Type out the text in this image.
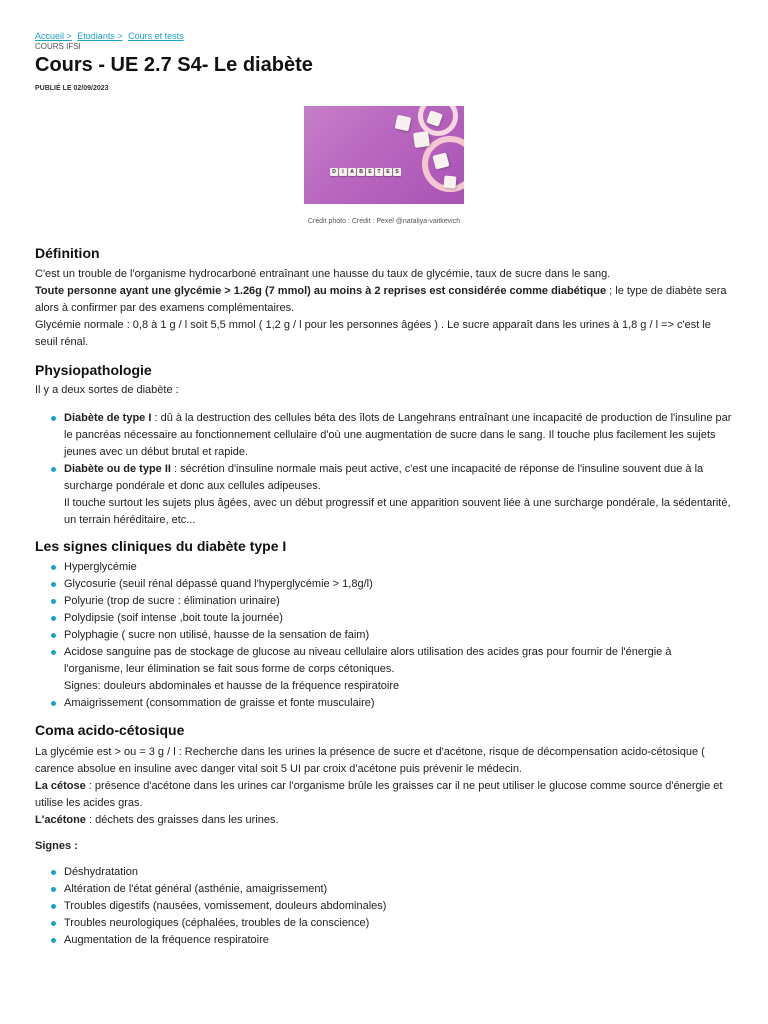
Accueil > Etudiants > Cours et tests
COURS IFSI
Cours - UE 2.7 S4- Le diabète
PUBLIÉ LE 02/09/2023
D	I	A	B	E	T	E	S
Crédit photo : Crédit : Pexel @nataliya-vaitkevich
Définition

C'est un trouble de l'organisme hydrocarboné entraînant une hausse du taux de glycémie, taux de sucre dans le sang.
Toute personne ayant une glycémie > 1.26g (7 mmol) au moins à 2 reprises est considérée comme diabétique ; le type de diabète sera alors à confirmer par des examens complémentaires.
Glycémie normale : 0,8 à 1 g / l soit 5,5 mmol ( 1,2 g / l pour les personnes âgées ) . Le sucre apparaît dans les urines à 1,8 g / l => c'est le seuil rénal.

Physiopathologie

Il y a deux sortes de diabète :

Diabète de type I : dû à la destruction des cellules béta des îlots de Langehrans entraînant une incapacité de production de l'insuline par le pancréas nécessaire au fonctionnement cellulaire d'où une augmentation de sucre dans le sang. Il touche plus facilement les sujets jeunes avec un début brutal et rapide.
Diabète ou de type II : sécrétion d'insuline normale mais peut active, c'est une incapacité de réponse de l'insuline souvent due à la surcharge pondérale et donc aux cellules adipeuses.
Il touche surtout les sujets plus âgées, avec un début progressif et une apparition souvent liée à une surcharge pondérale, la sédentarité, un terrain héréditaire, etc...
Les signes cliniques du diabète type I
Hyperglycémie
Glycosurie (seuil rénal dépassé quand l'hyperglycémie > 1,8g/l)
Polyurie (trop de sucre : élimination urinaire)
Polydipsie (soif intense ,boit toute la journée)
Polyphagie ( sucre non utilisé, hausse de la sensation de faim)
Acidose sanguine pas de stockage de glucose au niveau cellulaire alors utilisation des acides gras pour fournir de l'énergie à l'organisme, leur élimination se fait sous forme de corps cétoniques.
Signes: douleurs abdominales et hausse de la fréquence respiratoire
Amaigrissement (consommation de graisse et fonte musculaire)
Coma acido-cétosique

La glycémie est > ou = 3 g / l : Recherche dans les urines la présence de sucre et d'acétone, risque de décompensation acido-cétosique ( carence absolue en insuline avec danger vital soit 5 UI par croix d'acétone puis prévenir le médecin.
La cétose : présence d'acétone dans les urines car l'organisme brûle les graisses car il ne peut utiliser le glucose comme source d'énergie et utilise les acides gras.
L'acétone : déchets des graisses dans les urines.

Signes :

Déshydratation
Altération de l'état général (asthénie, amaigrissement)
Troubles digestifs (nausées, vomissement, douleurs abdominales)
Troubles neurologiques (céphalées, troubles de la conscience)
Augmentation de la fréquence respiratoire
